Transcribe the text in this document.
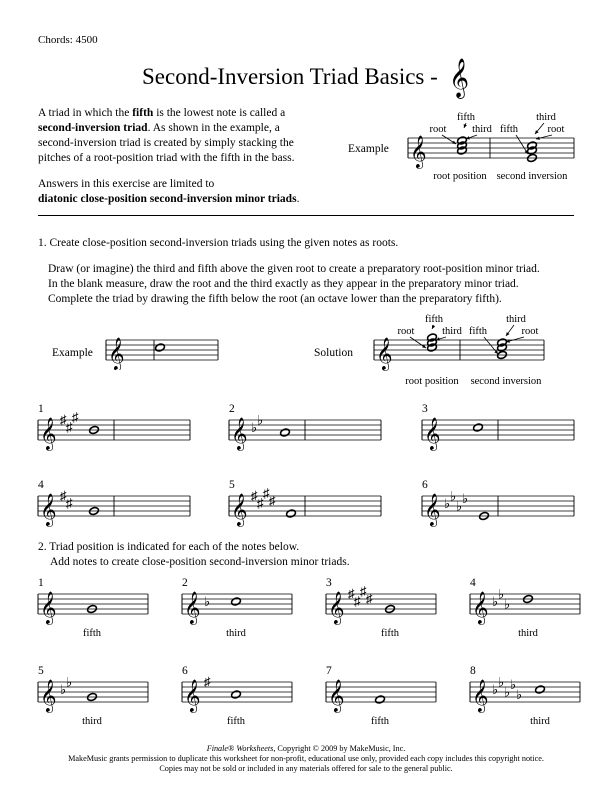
Chords: 4500
Second-Inversion Triad Basics - 𝄞
A triad in which the fifth is the lowest note is called a
second-inversion triad. As shown in the example, a
second-inversion triad is created by simply stacking the
pitches of a root-position triad with the fifth in the bass.
Answers in this exercise are limited to
diatonic close-position second-inversion minor triads.
Example 𝄞
fifth
root third fifth
third
root
root position second inversion
1. Create close-position second-inversion triads using the given notes as roots.
Draw (or imagine) the third and fifth above the given root to create a preparatory root-position minor triad.
In the blank measure, draw the root and the third exactly as they appear in the preparatory minor triad.
Complete the triad by drawing the fifth below the root (an octave lower than the preparatory fifth).
Example 𝄞	Solution 𝄞
fifth
root	third fifth
third
root
root position second inversion
1
𝄞 ♯ ♯
♯
2
𝄞 ♭ ♭
3
𝄞
4
𝄞 ♯ ♯
5
𝄞 ♯ ♯
♯ ♯
6
𝄞 ♭ ♭
♭ ♭
2. Triad position is indicated for each of the notes below.
Add notes to create close-position second-inversion minor triads.
1
𝄞
fifth
2
𝄞 ♭
third
3
𝄞 ♯ ♯
♯ ♯
fifth
4
𝄞 ♭ ♭
♭
third
5
𝄞 ♭ ♭
third
6
𝄞 ♯
fifth
7
𝄞
fifth
8
𝄞 ♭ ♭
♭ ♭
♭
third
Finale® Worksheets, Copyright © 2009 by MakeMusic, Inc.
MakeMusic grants permission to duplicate this worksheet for non-profit, educational use only, provided each copy includes this copyright notice.
Copies may not be sold or included in any materials offered for sale to the general public.
